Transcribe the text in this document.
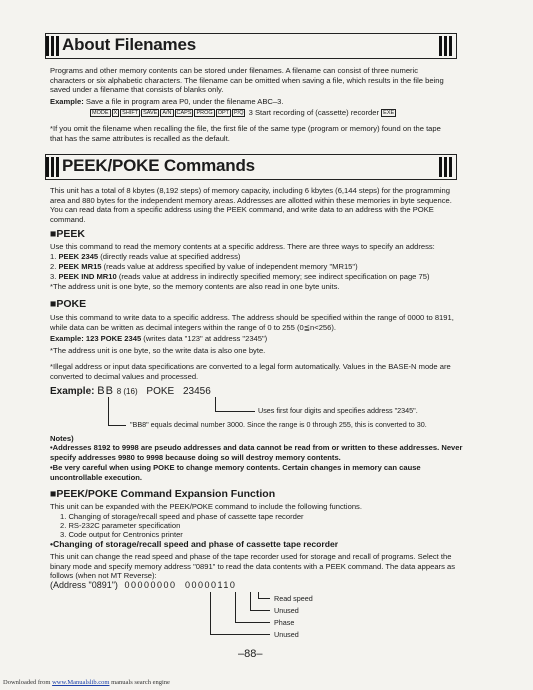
About Filenames
Programs and other memory contents can be stored under filenames. A filename can consist of three numeric characters or six alphabetic characters. The filename can be omitted when saving a file, which results in the file being saved under a filename that consists of blanks only.
Example: Save a file in program area P0, under the filename ABC–3.
MODE X SHIFT SAVE A/N CAPS PROG OPT P/Q 3 Start recording of (cassette) recorder EXE
*If you omit the filename when recalling the file, the first file of the same type (program or memory) found on the tape that has the same attributes is recalled as the default.
PEEK/POKE Commands
This unit has a total of 8 kbytes (8,192 steps) of memory capacity, including 6 kbytes (6,144 steps) for the programming area and 880 bytes for the independent memory areas. Addresses are allotted within these memories in byte sequence. You can read data from a specific address using the PEEK command, and write data to an address with the POKE command.
■PEEK
Use this command to read the memory contents at a specific address. There are three ways to specify an address:
1. PEEK 2345 (directly reads value at specified address)
2. PEEK MR15 (reads value at address specified by value of independent memory "MR15")
3. PEEK IND MR10 (reads value at address in indirectly specified memory; see indirect specification on page 75)
*The address unit is one byte, so the memory contents are also read in one byte units.
■POKE
Use this command to write data to a specific address. The address should be specified within the range of 0000 to 8191, while data can be written as decimal integers within the range of 0 to 255 (0≦n<256).
Example: 123 POKE 2345 (writes data "123" at address "2345")
*The address unit is one byte, so the write data is also one byte.
*Illegal address or input data specifications are converted to a legal form automatically. Values in the BASE-N mode are converted to decimal values and processed.
Example: BB 8 (16) POKE 23456
Uses first four digits and specifies address "2345".
"BB8" equals decimal number 3000. Since the range is 0 through 255, this is converted to 30.
Notes)
•Addresses 8192 to 9998 are pseudo addresses and data cannot be read from or written to these addresses. Never specify addresses 9980 to 9998 because doing so will destroy memory contents.
•Be very careful when using POKE to change memory contents. Certain changes in memory can cause uncontrollable execution.
■PEEK/POKE Command Expansion Function
This unit can be expanded with the PEEK/POKE command to include the following functions.
1. Changing of storage/recall speed and phase of cassette tape recorder
2. RS-232C parameter specification
3. Code output for Centronics printer
•Changing of storage/recall speed and phase of cassette tape recorder
This unit can change the read speed and phase of the tape recorder used for storage and recall of programs. Select the binary mode and specify memory address "0891" to read the data contents with a PEEK command. The data appears as follows (when not MT Reverse):
(Address "0891") 00000000 00000110
Read speed
Unused
Phase
Unused
–88–
Downloaded from www.Manualslib.com manuals search engine
